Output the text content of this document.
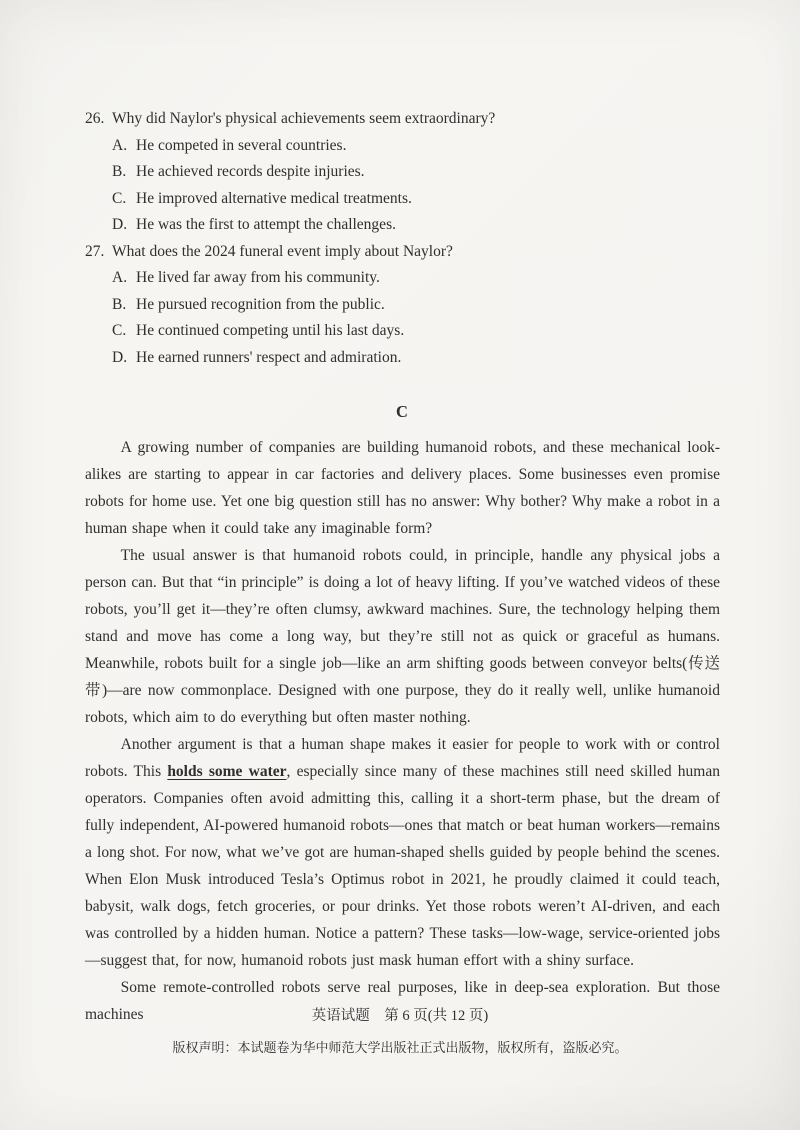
26. Why did Naylor's physical achievements seem extraordinary?
A. He competed in several countries.
B. He achieved records despite injuries.
C. He improved alternative medical treatments.
D. He was the first to attempt the challenges.
27. What does the 2024 funeral event imply about Naylor?
A. He lived far away from his community.
B. He pursued recognition from the public.
C. He continued competing until his last days.
D. He earned runners' respect and admiration.
C

A growing number of companies are building humanoid robots, and these mechanical look-alikes are starting to appear in car factories and delivery places. Some businesses even promise robots for home use. Yet one big question still has no answer: Why bother? Why make a robot in a human shape when it could take any imaginable form?

The usual answer is that humanoid robots could, in principle, handle any physical jobs a person can. But that “in principle” is doing a lot of heavy lifting. If you’ve watched videos of these robots, you’ll get it—they’re often clumsy, awkward machines. Sure, the technology helping them stand and move has come a long way, but they’re still not as quick or graceful as humans. Meanwhile, robots built for a single job—like an arm shifting goods between conveyor belts(传送带)—are now commonplace. Designed with one purpose, they do it really well, unlike humanoid robots, which aim to do everything but often master nothing.

Another argument is that a human shape makes it easier for people to work with or control robots. This holds some water, especially since many of these machines still need skilled human operators. Companies often avoid admitting this, calling it a short-term phase, but the dream of fully independent, AI-powered humanoid robots—ones that match or beat human workers—remains a long shot. For now, what we’ve got are human-shaped shells guided by people behind the scenes. When Elon Musk introduced Tesla’s Optimus robot in 2021, he proudly claimed it could teach, babysit, walk dogs, fetch groceries, or pour drinks. Yet those robots weren’t AI-driven, and each was controlled by a hidden human. Notice a pattern? These tasks—low-wage, service-oriented jobs—suggest that, for now, humanoid robots just mask human effort with a shiny surface.

Some remote-controlled robots serve real purposes, like in deep-sea exploration. But those machines	英语试题　第 6 页(共 12 页)
版权声明：本试题卷为华中师范大学出版社正式出版物，版权所有，盗版必究。
